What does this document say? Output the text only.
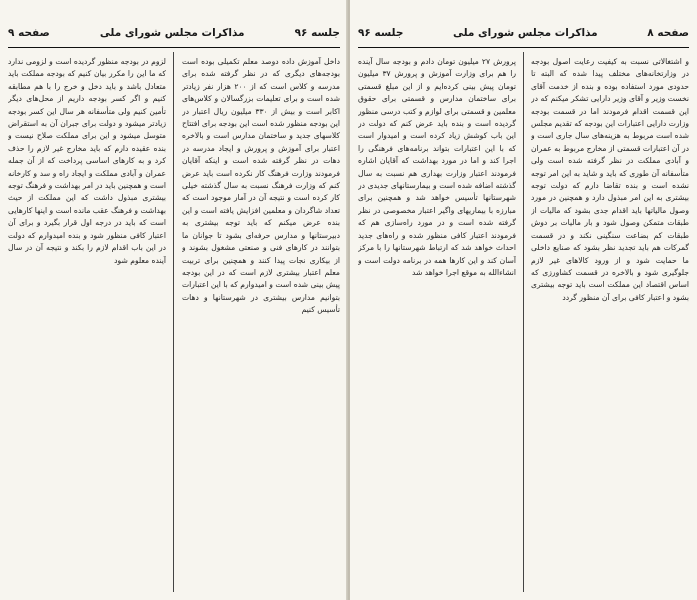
جلسه ۹۶
مذاکرات مجلس شورای ملی
صفحه ۹

داخل آموزش داده دوصد معلم تکمیلی بوده است بودجه‌های دیگری که در نظر گرفته شده برای مدرسه و کلاس است که از ۲۰۰ هزار نفر زیادتر شده است و برای تعلیمات بزرگسالان و کلاس‌های اکابر است و بیش از ۳۳۰ میلیون ریال اعتبار در این بودجه منظور شده است این بودجه برای افتتاح کلاسهای جدید و ساختمان مدارس است و بالاخره اعتبار برای آموزش و پرورش و ایجاد مدرسه در دهات در نظر گرفته شده است و اینکه آقایان فرمودند وزارت فرهنگ کار نکرده است باید عرض کنم که وزارت فرهنگ نسبت به سال گذشته خیلی کار کرده است و نتیجه آن در آمار موجود است که تعداد شاگردان و معلمین افزایش یافته است و این بنده عرض میکنم که باید توجه بیشتری به دبیرستانها و مدارس حرفه‌ای بشود تا جوانان ما بتوانند در کارهای فنی و صنعتی مشغول بشوند و از بیکاری نجات پیدا کنند و همچنین برای تربیت معلم اعتبار بیشتری لازم است که در این بودجه پیش بینی شده است و امیدوارم که با این اعتبارات بتوانیم مدارس بیشتری در شهرستانها و دهات تأسیس کنیم

لزوم در بودجه منظور گردیده است و لزومی ندارد که ما این را مکرر بیان کنیم که بودجه مملکت باید متعادل باشد و باید دخل و خرج را با هم مطابقه کنیم و اگر کسر بودجه داریم از محل‌های دیگر تأمین کنیم ولی متأسفانه هر سال این کسر بودجه زیادتر میشود و دولت برای جبران آن به استقراض متوسل میشود و این برای مملکت صلاح نیست و بنده عقیده دارم که باید مخارج غیر لازم را حذف کرد و به کارهای اساسی پرداخت که از آن جمله عمران و آبادی مملکت و ایجاد راه و سد و کارخانه است و همچنین باید در امر بهداشت و فرهنگ توجه بیشتری مبذول داشت که این مملکت از حیث بهداشت و فرهنگ عقب مانده است و اینها کارهایی است که باید در درجه اول قرار بگیرد و برای آن اعتبار کافی منظور شود و بنده امیدوارم که دولت در این باب اقدام لازم را بکند و نتیجه آن در سال آینده معلوم شود

صفحه ۸
مذاکرات مجلس شورای ملی
جلسه ۹۶

و اشتغالاتی نسبت به کیفیت رعایت اصول بودجه در وزارتخانه‌های مختلف پیدا شده که البته تا حدودی مورد استفاده بوده و بنده از خدمت آقای نخست وزیر و آقای وزیر دارایی تشکر میکنم که در این قسمت اقدام فرمودند اما در قسمت بودجه وزارت دارایی اعتبارات این بودجه که تقدیم مجلس شده است مربوط به هزینه‌های سال جاری است و در آن اعتبارات قسمتی از مخارج مربوط به عمران و آبادی مملکت در نظر گرفته شده است ولی متأسفانه آن طوری که باید و شاید به این امر توجه نشده است و بنده تقاضا دارم که دولت توجه بیشتری به این امر مبذول دارد و همچنین در مورد وصول مالیاتها باید اقدام جدی بشود که مالیات از طبقات متمکن وصول شود و بار مالیات بر دوش طبقات کم بضاعت سنگینی نکند و در قسمت گمرکات هم باید تجدید نظر بشود که صنایع داخلی ما حمایت شود و از ورود کالاهای غیر لازم جلوگیری شود و بالاخره در قسمت کشاورزی که اساس اقتصاد این مملکت است باید توجه بیشتری بشود و اعتبار کافی برای آن منظور گردد

پرورش ۲۷ میلیون تومان دادم و بودجه سال آینده را هم برای وزارت آموزش و پرورش ۳۷ میلیون تومان پیش بینی کرده‌ایم و از این مبلغ قسمتی برای ساختمان مدارس و قسمتی برای حقوق معلمین و قسمتی برای لوازم و کتب درسی منظور گردیده است و بنده باید عرض کنم که دولت در این باب کوشش زیاد کرده است و امیدوار است که با این اعتبارات بتواند برنامه‌های فرهنگی را اجرا کند و اما در مورد بهداشت که آقایان اشاره فرمودند اعتبار وزارت بهداری هم نسبت به سال گذشته اضافه شده است و بیمارستانهای جدیدی در شهرستانها تأسیس خواهد شد و همچنین برای مبارزه با بیماریهای واگیر اعتبار مخصوصی در نظر گرفته شده است و در مورد راه‌سازی هم که فرمودند اعتبار کافی منظور شده و راه‌های جدید احداث خواهد شد که ارتباط شهرستانها را با مرکز آسان کند و این کارها همه در برنامه دولت است و انشاءالله به موقع اجرا خواهد شد
